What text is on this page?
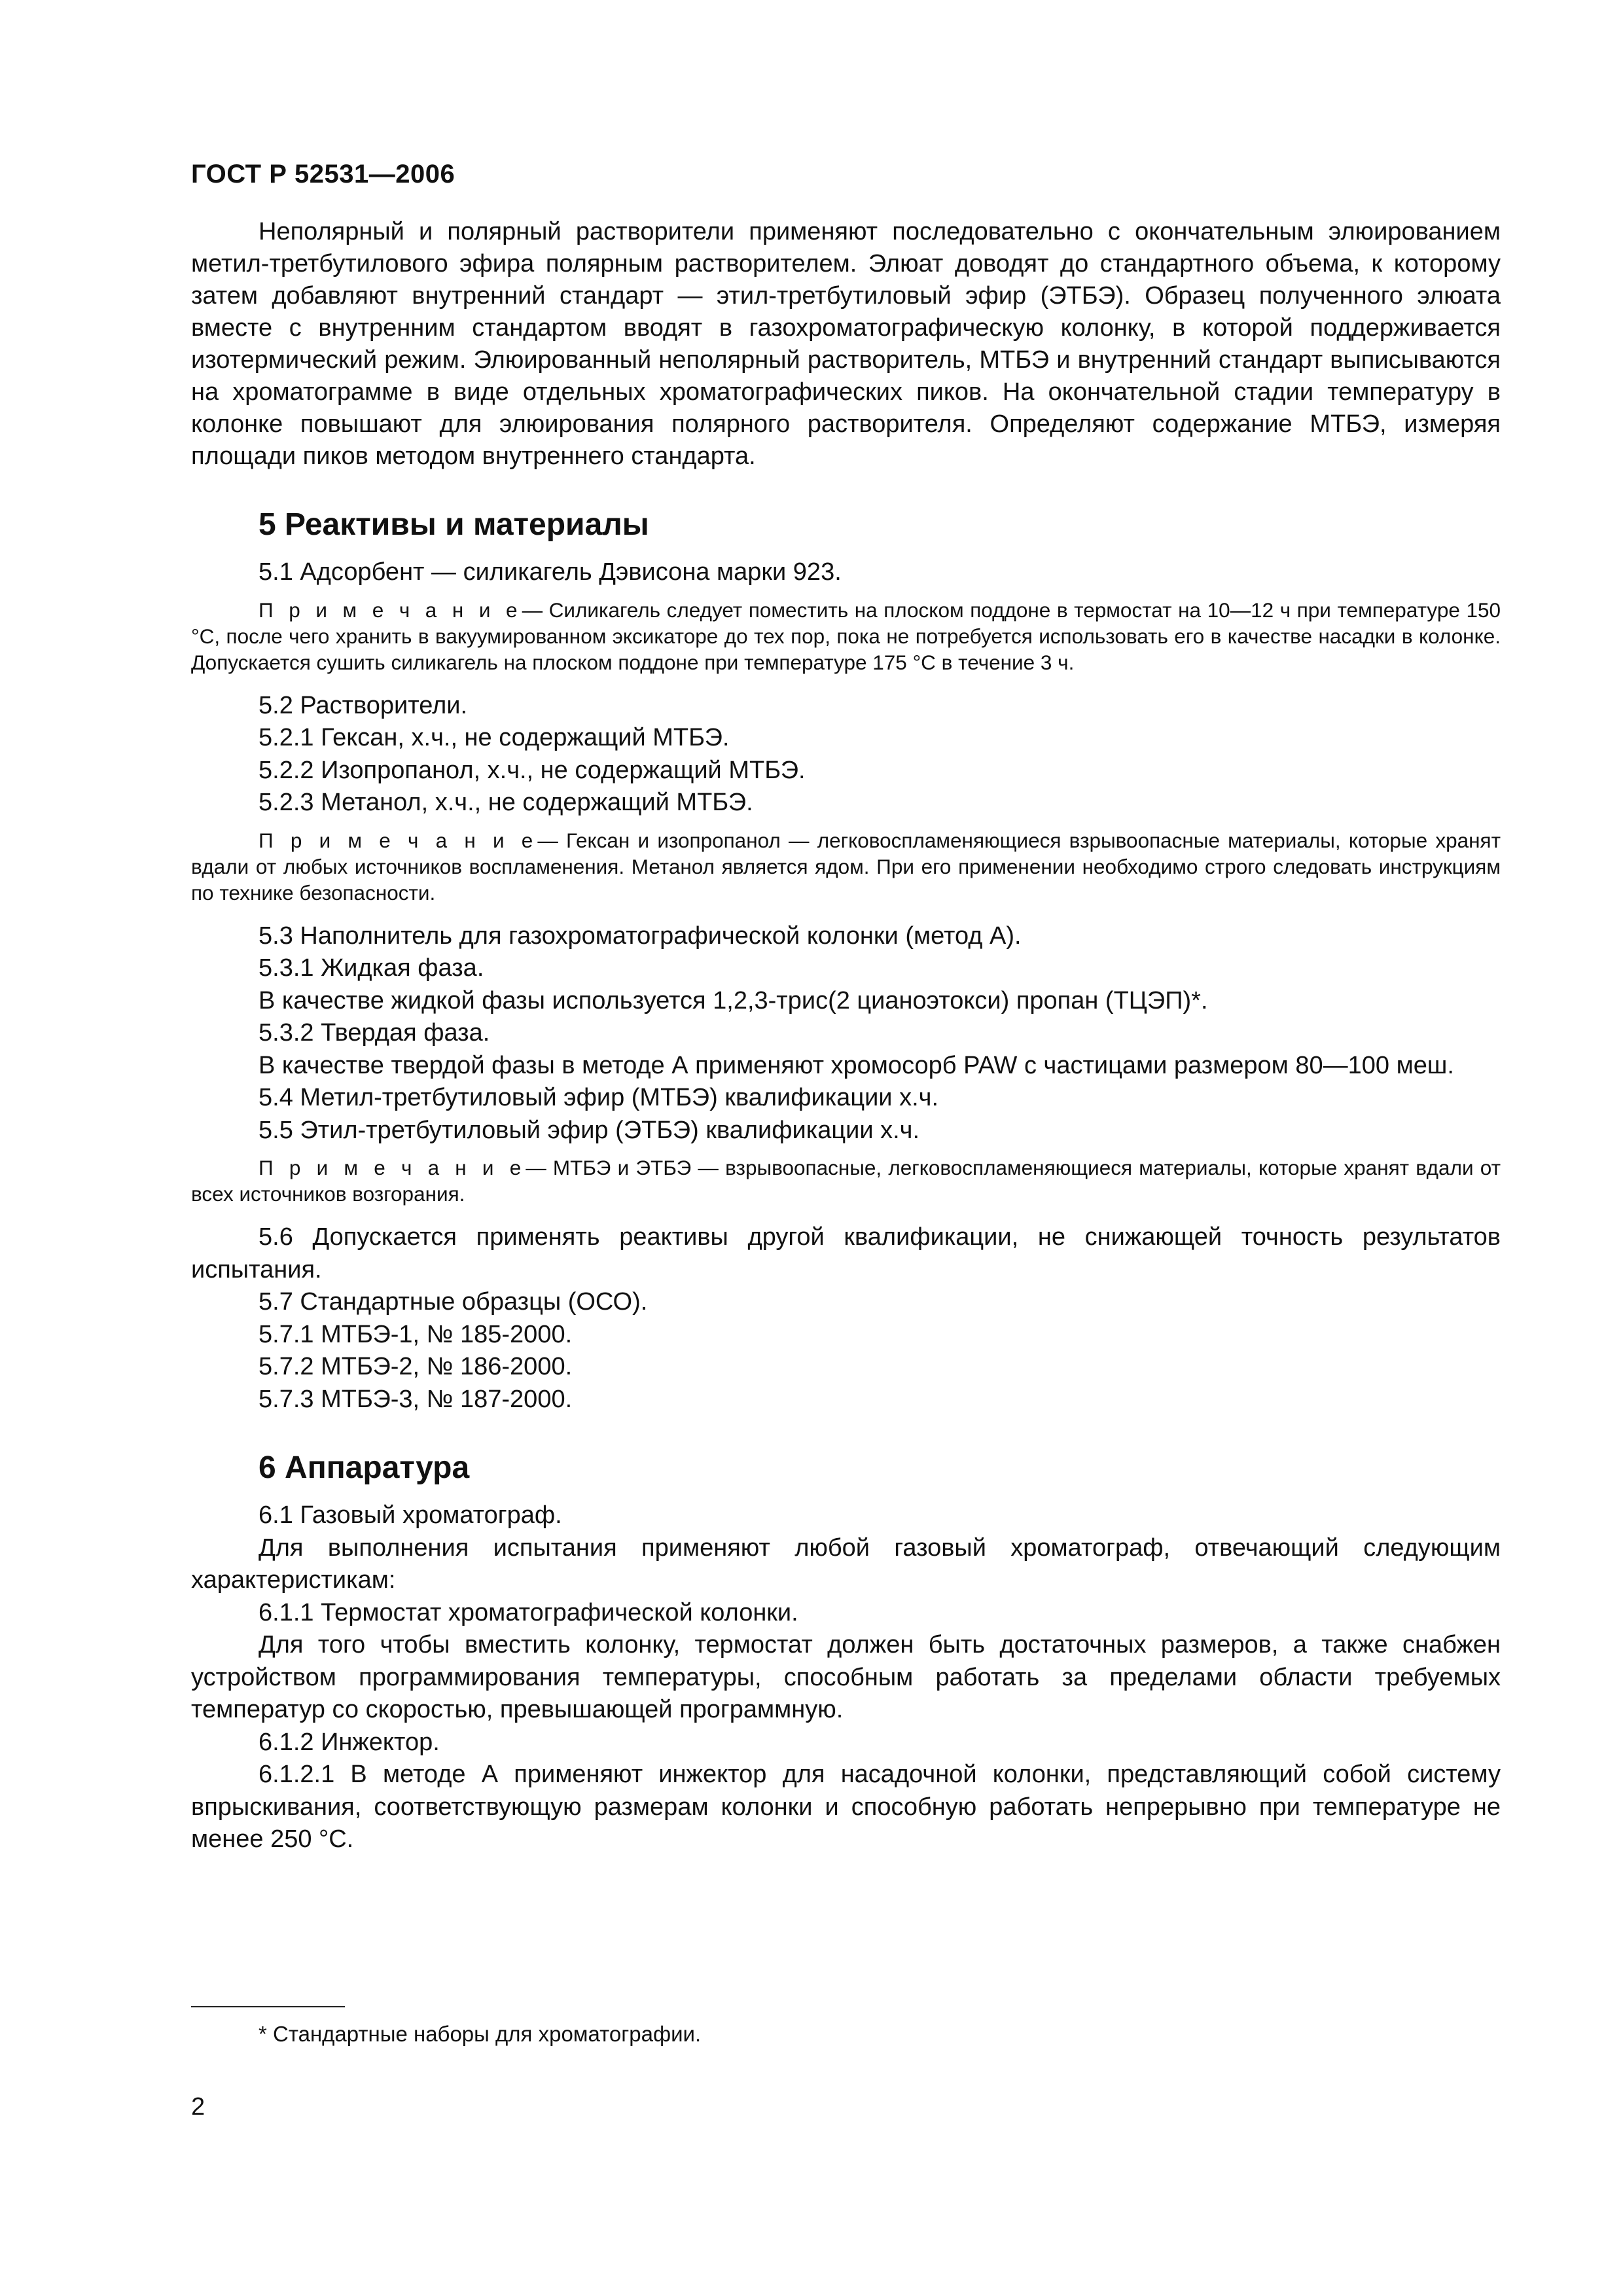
ГОСТ Р 52531—2006

Неполярный и полярный растворители применяют последовательно с окончательным элюированием метил-третбутилового эфира полярным растворителем. Элюат доводят до стандартного объема, к которому затем добавляют внутренний стандарт — этил-третбутиловый эфир (ЭТБЭ). Образец полученного элюата вместе с внутренним стандартом вводят в газохроматографическую колонку, в которой поддерживается изотермический режим. Элюированный неполярный растворитель, МТБЭ и внутренний стандарт выписываются на хроматограмме в виде отдельных хроматографических пиков. На окончательной стадии температуру в колонке повышают для элюирования полярного растворителя. Определяют содержание МТБЭ, измеряя площади пиков методом внутреннего стандарта.

5 Реактивы и материалы

5.1 Адсорбент — силикагель Дэвисона марки 923.

П р и м е ч а н и е— Силикагель следует поместить на плоском поддоне в термостат на 10—12 ч при температуре 150 °С, после чего хранить в вакуумированном эксикаторе до тех пор, пока не потребуется использовать его в качестве насадки в колонке. Допускается сушить силикагель на плоском поддоне при температуре 175 °С в течение 3 ч.

5.2 Растворители.

5.2.1 Гексан, х.ч., не содержащий МТБЭ.

5.2.2 Изопропанол, х.ч., не содержащий МТБЭ.

5.2.3 Метанол, х.ч., не содержащий МТБЭ.

П р и м е ч а н и е— Гексан и изопропанол — легковоспламеняющиеся взрывоопасные материалы, которые хранят вдали от любых источников воспламенения. Метанол является ядом. При его применении необходимо строго следовать инструкциям по технике безопасности.

5.3 Наполнитель для газохроматографической колонки (метод А).

5.3.1 Жидкая фаза.

В качестве жидкой фазы используется 1,2,3-трис(2 цианоэтокси) пропан (ТЦЭП)*.

5.3.2 Твердая фаза.

В качестве твердой фазы в методе А применяют хромосорб PAW с частицами размером 80—100 меш.

5.4 Метил-третбутиловый эфир (МТБЭ) квалификации х.ч.

5.5 Этил-третбутиловый эфир (ЭТБЭ) квалификации х.ч.

П р и м е ч а н и е— МТБЭ и ЭТБЭ — взрывоопасные, легковоспламеняющиеся материалы, которые хранят вдали от всех источников возгорания.

5.6 Допускается применять реактивы другой квалификации, не снижающей точность результатов испытания.

5.7 Стандартные образцы (ОСО).

5.7.1 МТБЭ-1, № 185-2000.

5.7.2 МТБЭ-2, № 186-2000.

5.7.3 МТБЭ-3, № 187-2000.

6 Аппаратура

6.1 Газовый хроматограф.

Для выполнения испытания применяют любой газовый хроматограф, отвечающий следующим характеристикам:

6.1.1 Термостат хроматографической колонки.

Для того чтобы вместить колонку, термостат должен быть достаточных размеров, а также снабжен устройством программирования температуры, способным работать за пределами области требуемых температур со скоростью, превышающей программную.

6.1.2 Инжектор.

6.1.2.1 В методе А применяют инжектор для насадочной колонки, представляющий собой систему впрыскивания, соответствующую размерам колонки и способную работать непрерывно при температуре не менее 250 °С.

* Стандартные наборы для хроматографии.
2
